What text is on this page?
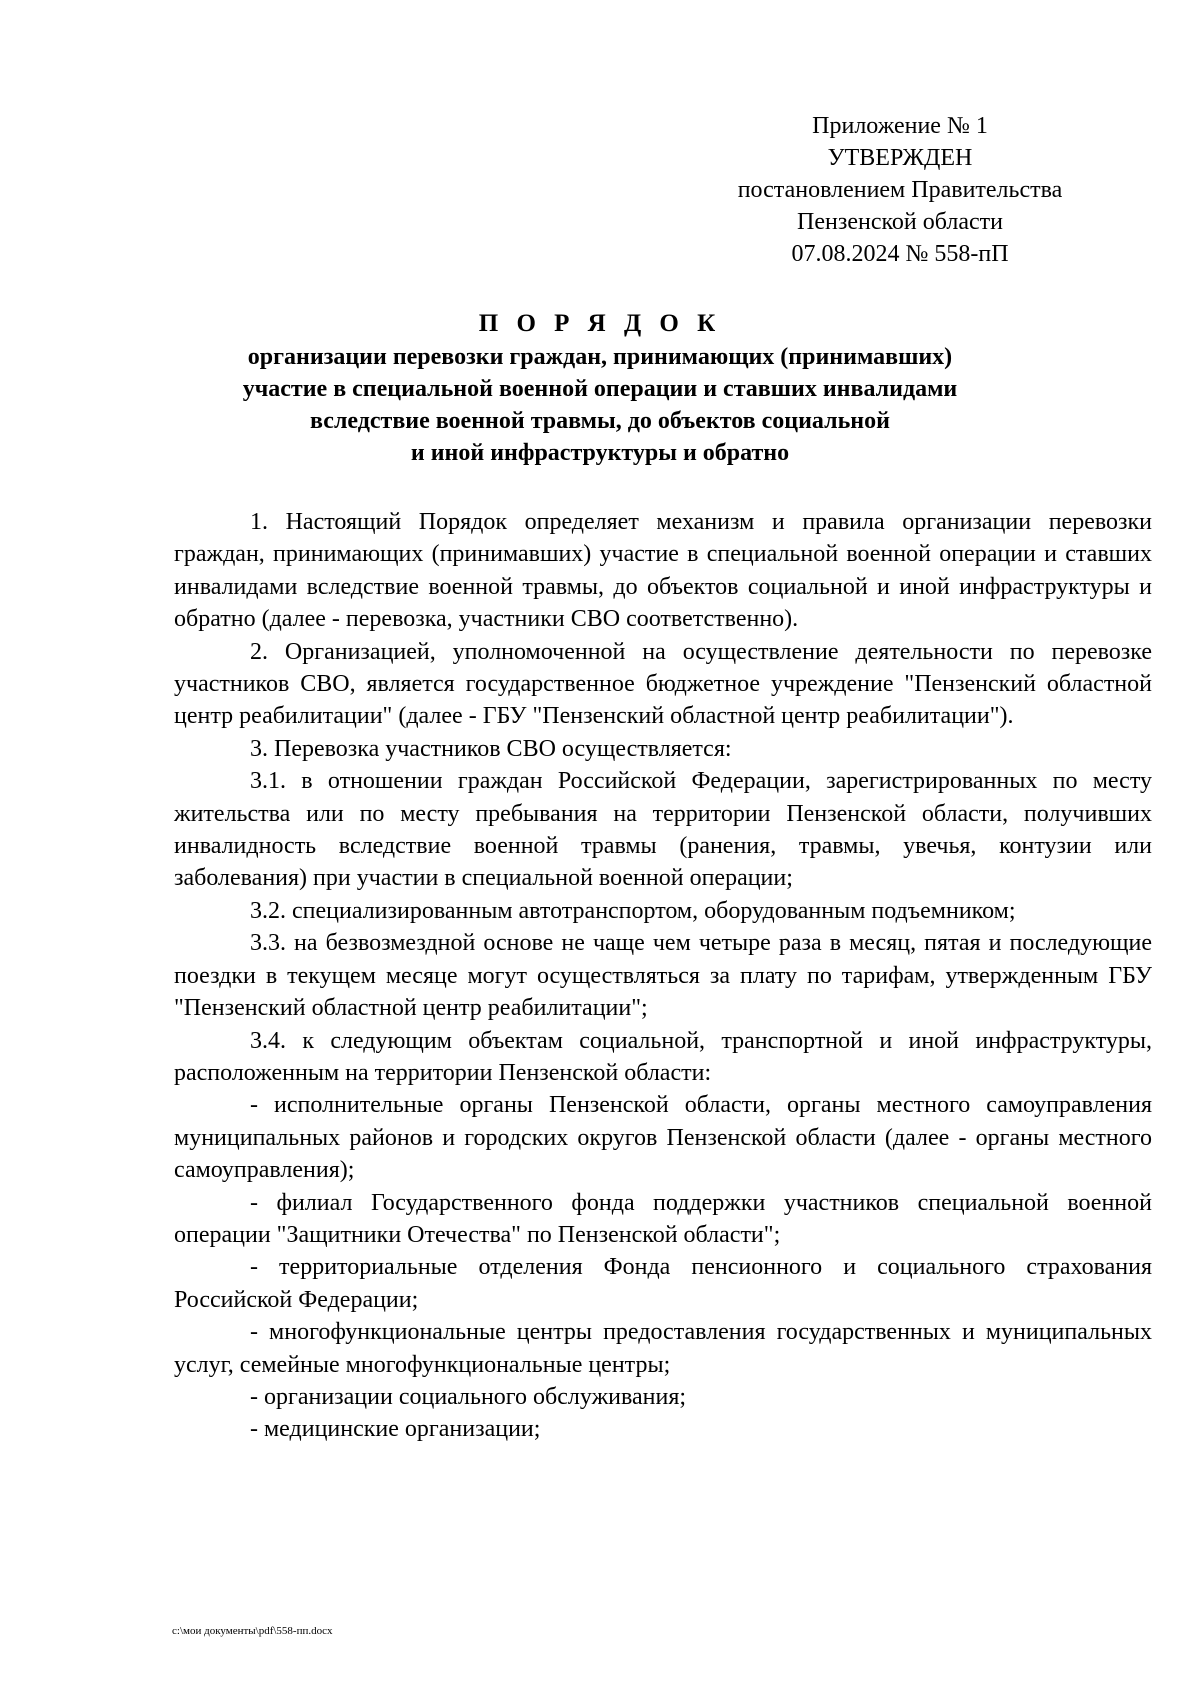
Приложение № 1
УТВЕРЖДЕН
постановлением Правительства
Пензенской области
07.08.2024 № 558-пП
П О Р Я Д О К
организации перевозки граждан, принимающих (принимавших)
участие в специальной военной операции и ставших инвалидами
вследствие военной травмы, до объектов социальной
и иной инфраструктуры и обратно

1. Настоящий Порядок определяет механизм и правила организации перевозки граждан, принимающих (принимавших) участие в специальной военной операции и ставших инвалидами вследствие военной травмы, до объектов социальной и иной инфраструктуры и обратно (далее - перевозка, участники СВО соответственно).

2. Организацией, уполномоченной на осуществление деятельности по перевозке участников СВО, является государственное бюджетное учреждение "Пензенский областной центр реабилитации" (далее - ГБУ "Пензенский областной центр реабилитации").

3. Перевозка участников СВО осуществляется:

3.1. в отношении граждан Российской Федерации, зарегистрированных по месту жительства или по месту пребывания на территории Пензенской области, получивших инвалидность вследствие военной травмы (ранения, травмы, увечья, контузии или заболевания) при участии в специальной военной операции;

3.2. специализированным автотранспортом, оборудованным подъемником;

3.3. на безвозмездной основе не чаще чем четыре раза в месяц, пятая и последующие поездки в текущем месяце могут осуществляться за плату по тарифам, утвержденным ГБУ "Пензенский областной центр реабилитации";

3.4. к следующим объектам социальной, транспортной и иной инфраструктуры, расположенным на территории Пензенской области:

- исполнительные органы Пензенской области, органы местного самоуправления муниципальных районов и городских округов Пензенской области (далее - органы местного самоуправления);

- филиал Государственного фонда поддержки участников специальной военной операции "Защитники Отечества" по Пензенской области";

- территориальные отделения Фонда пенсионного и социального страхования Российской Федерации;

- многофункциональные центры предоставления государственных и муниципальных услуг, семейные многофункциональные центры;

- организации социального обслуживания;

- медицинские организации;

c:\мои документы\pdf\558-пп.docx
